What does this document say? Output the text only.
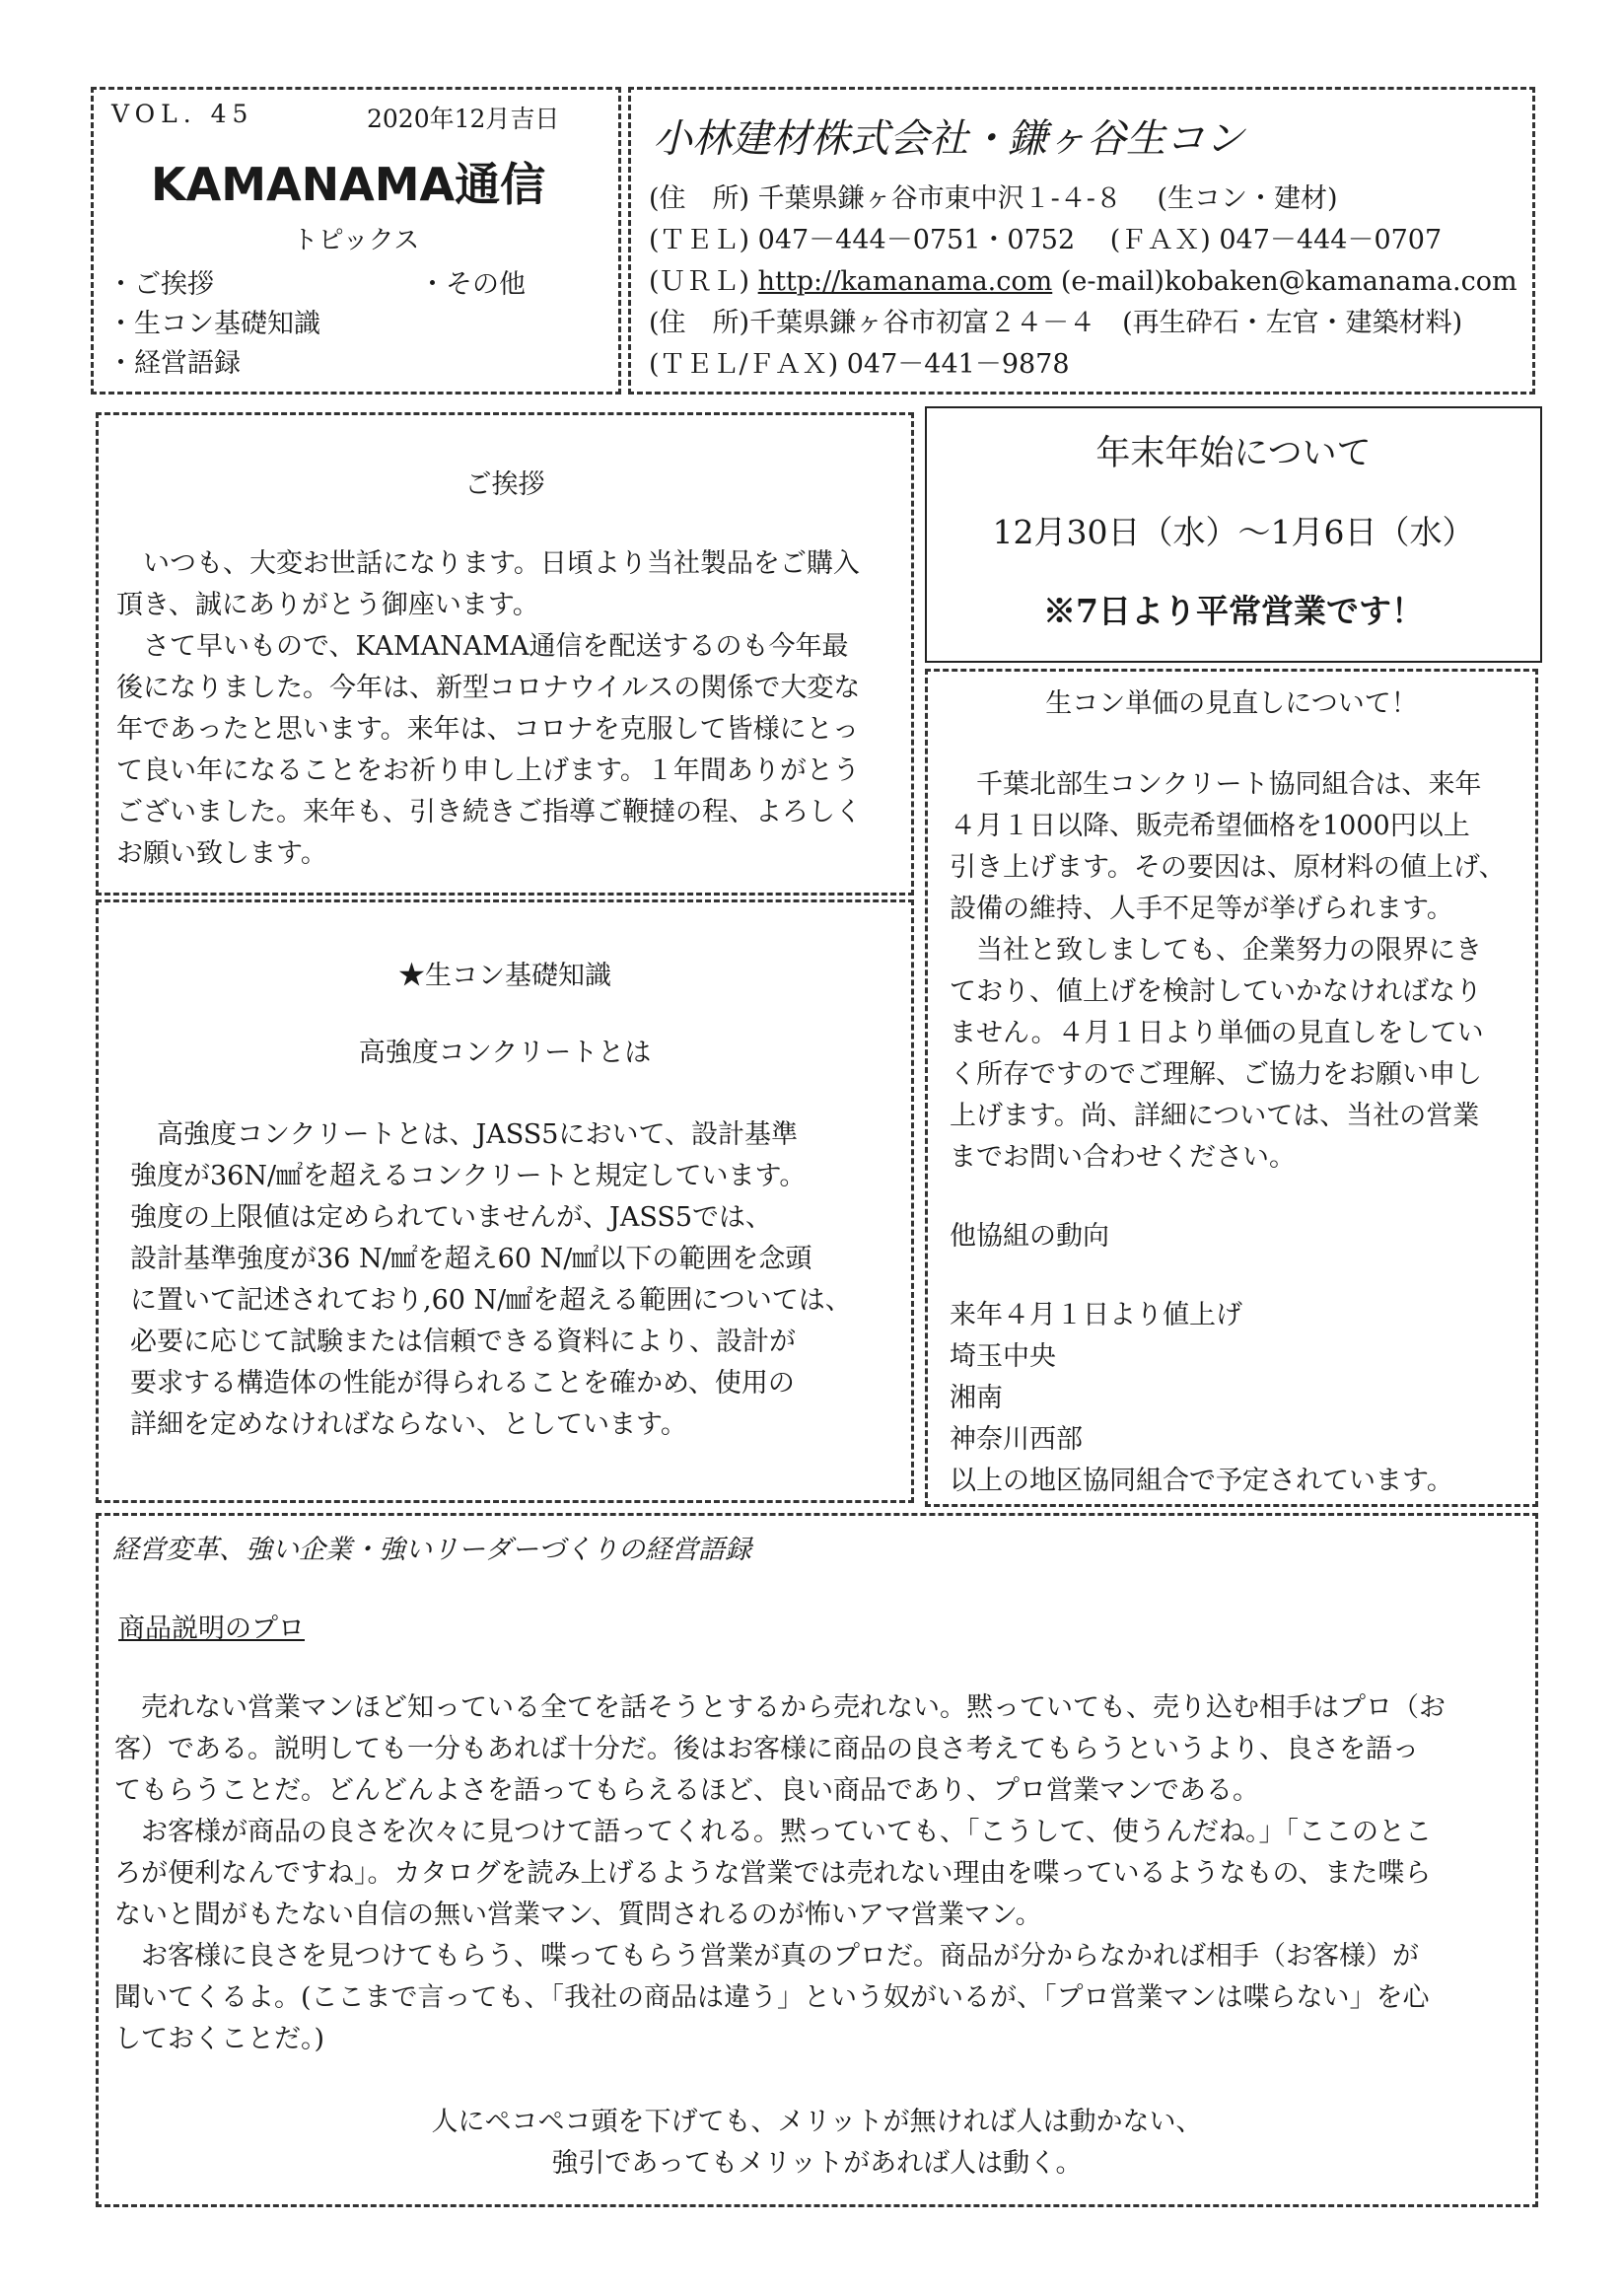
VOL. 45	2020年12月吉日
KAMANAMA通信
トピックス
・ご挨拶	・その他
・生コン基礎知識
・経営語録
小林建材株式会社・鎌ヶ谷生コン
(住　所) 千葉県鎌ヶ谷市東中沢１-４-８　 (生コン・建材)
(ＴＥＬ) 047－444－0751・0752　 (ＦＡＸ) 047－444－0707
(ＵＲＬ) http://kamanama.com (e-mail)kobaken@kamanama.com
(住　所)千葉県鎌ヶ谷市初富２４－４　(再生砕石・左官・建築材料)
(ＴＥＬ/ＦＡＸ) 047－441－9878
ご挨拶
　いつも、大変お世話になります。日頃より当社製品をご購入
頂き、誠にありがとう御座います。
　さて早いもので、KAMANAMA通信を配送するのも今年最
後になりました。今年は、新型コロナウイルスの関係で大変な
年であったと思います。来年は、コロナを克服して皆様にとっ
て良い年になることをお祈り申し上げます。１年間ありがとう
ございました。来年も、引き続きご指導ご鞭撻の程、よろしく
お願い致します。
年末年始について
12月30日（水）～1月6日（水）
※7日より平常営業です！
★生コン基礎知識
高強度コンクリートとは
　高強度コンクリートとは、JASS5において、設計基準
強度が36N/㎟を超えるコンクリートと規定しています。
強度の上限値は定められていませんが、JASS5では、
設計基準強度が36 N/㎟を超え60 N/㎟以下の範囲を念頭
に置いて記述されており,60 N/㎟を超える範囲については、
必要に応じて試験または信頼できる資料により、設計が
要求する構造体の性能が得られることを確かめ、使用の
詳細を定めなければならない、としています。
生コン単価の見直しについて！
　千葉北部生コンクリート協同組合は、来年
４月１日以降、販売希望価格を1000円以上
引き上げます。その要因は、原材料の値上げ、
設備の維持、人手不足等が挙げられます。
　当社と致しましても、企業努力の限界にき
ており、値上げを検討していかなければなり
ません。４月１日より単価の見直しをしてい
く所存ですのでご理解、ご協力をお願い申し
上げます。尚、詳細については、当社の営業
までお問い合わせください。
他協組の動向
来年４月１日より値上げ
埼玉中央
湘南
神奈川西部
以上の地区協同組合で予定されています。
経営変革、強い企業・強いリーダーづくりの経営語録
商品説明のプロ
　売れない営業マンほど知っている全てを話そうとするから売れない。黙っていても、売り込む相手はプロ（お
客）である。説明しても一分もあれば十分だ。後はお客様に商品の良さ考えてもらうというより、良さを語っ
てもらうことだ。どんどんよさを語ってもらえるほど、良い商品であり、プロ営業マンである。
　お客様が商品の良さを次々に見つけて語ってくれる。黙っていても、「こうして、使うんだね。」「ここのとこ
ろが便利なんですね」。カタログを読み上げるような営業では売れない理由を喋っているようなもの、また喋ら
ないと間がもたない自信の無い営業マン、質問されるのが怖いアマ営業マン。
　お客様に良さを見つけてもらう、喋ってもらう営業が真のプロだ。商品が分からなかれば相手（お客様）が
聞いてくるよ。(ここまで言っても、「我社の商品は違う」という奴がいるが、「プロ営業マンは喋らない」を心
しておくことだ。)
人にペコペコ頭を下げても、メリットが無ければ人は動かない、
強引であってもメリットがあれば人は動く。
